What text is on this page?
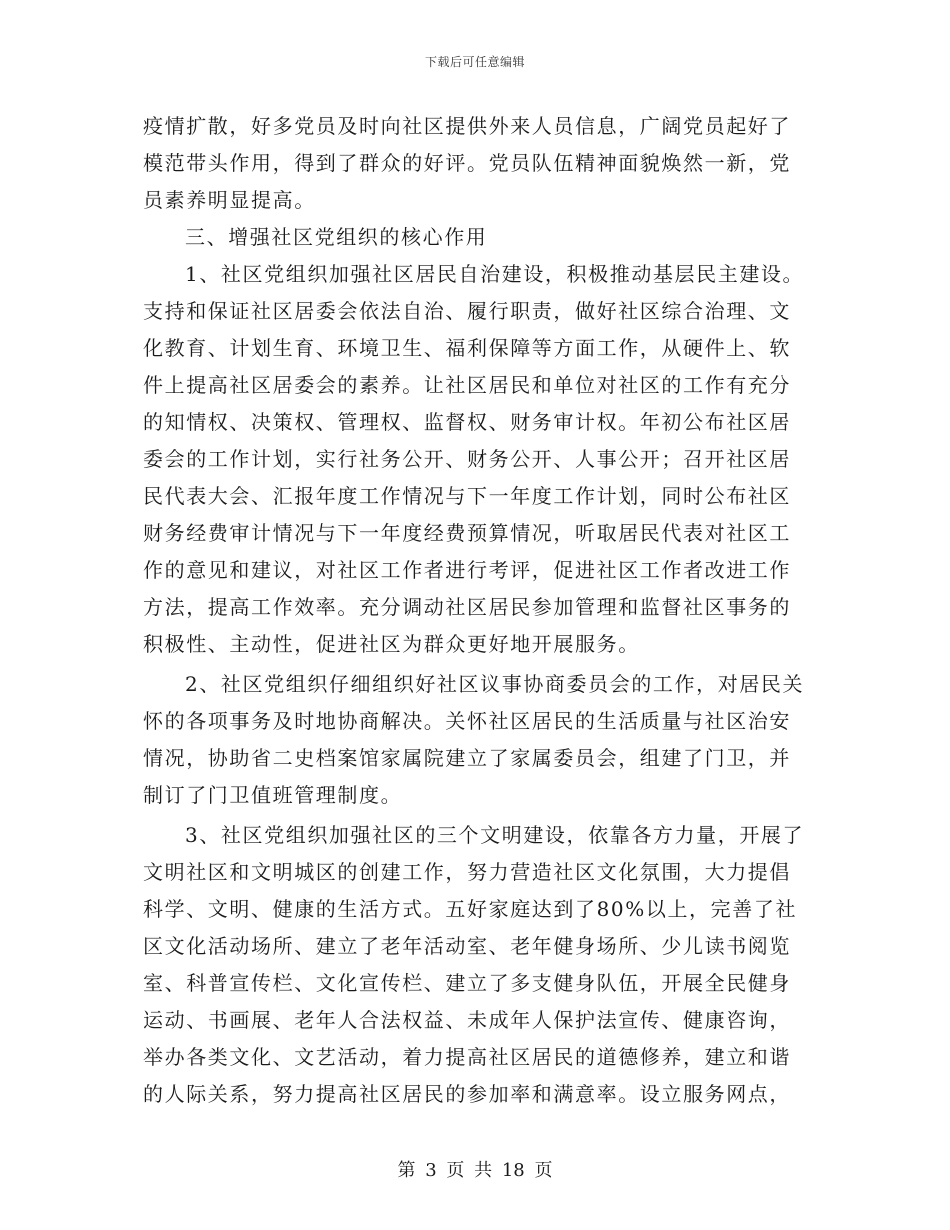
下载后可任意编辑
疫情扩散，好多党员及时向社区提供外来人员信息，广阔党员起好了
模范带头作用，得到了群众的好评。党员队伍精神面貌焕然一新，党
员素养明显提高。
三、增强社区党组织的核心作用
1、社区党组织加强社区居民自治建设，积极推动基层民主建设。
支持和保证社区居委会依法自治、履行职责，做好社区综合治理、文
化教育、计划生育、环境卫生、福利保障等方面工作，从硬件上、软
件上提高社区居委会的素养。让社区居民和单位对社区的工作有充分
的知情权、决策权、管理权、监督权、财务审计权。年初公布社区居
委会的工作计划，实行社务公开、财务公开、人事公开；召开社区居
民代表大会、汇报年度工作情况与下一年度工作计划，同时公布社区
财务经费审计情况与下一年度经费预算情况，听取居民代表对社区工
作的意见和建议，对社区工作者进行考评，促进社区工作者改进工作
方法，提高工作效率。充分调动社区居民参加管理和监督社区事务的
积极性、主动性，促进社区为群众更好地开展服务。
2、社区党组织仔细组织好社区议事协商委员会的工作，对居民关
怀的各项事务及时地协商解决。关怀社区居民的生活质量与社区治安
情况，协助省二史档案馆家属院建立了家属委员会，组建了门卫，并
制订了门卫值班管理制度。
3、社区党组织加强社区的三个文明建设，依靠各方力量，开展了
文明社区和文明城区的创建工作，努力营造社区文化氛围，大力提倡
科学、文明、健康的生活方式。五好家庭达到了80%以上，完善了社
区文化活动场所、建立了老年活动室、老年健身场所、少儿读书阅览
室、科普宣传栏、文化宣传栏、建立了多支健身队伍，开展全民健身
运动、书画展、老年人合法权益、未成年人保护法宣传、健康咨询，
举办各类文化、文艺活动，着力提高社区居民的道德修养，建立和谐
的人际关系，努力提高社区居民的参加率和满意率。设立服务网点，
第 3 页 共 18 页
